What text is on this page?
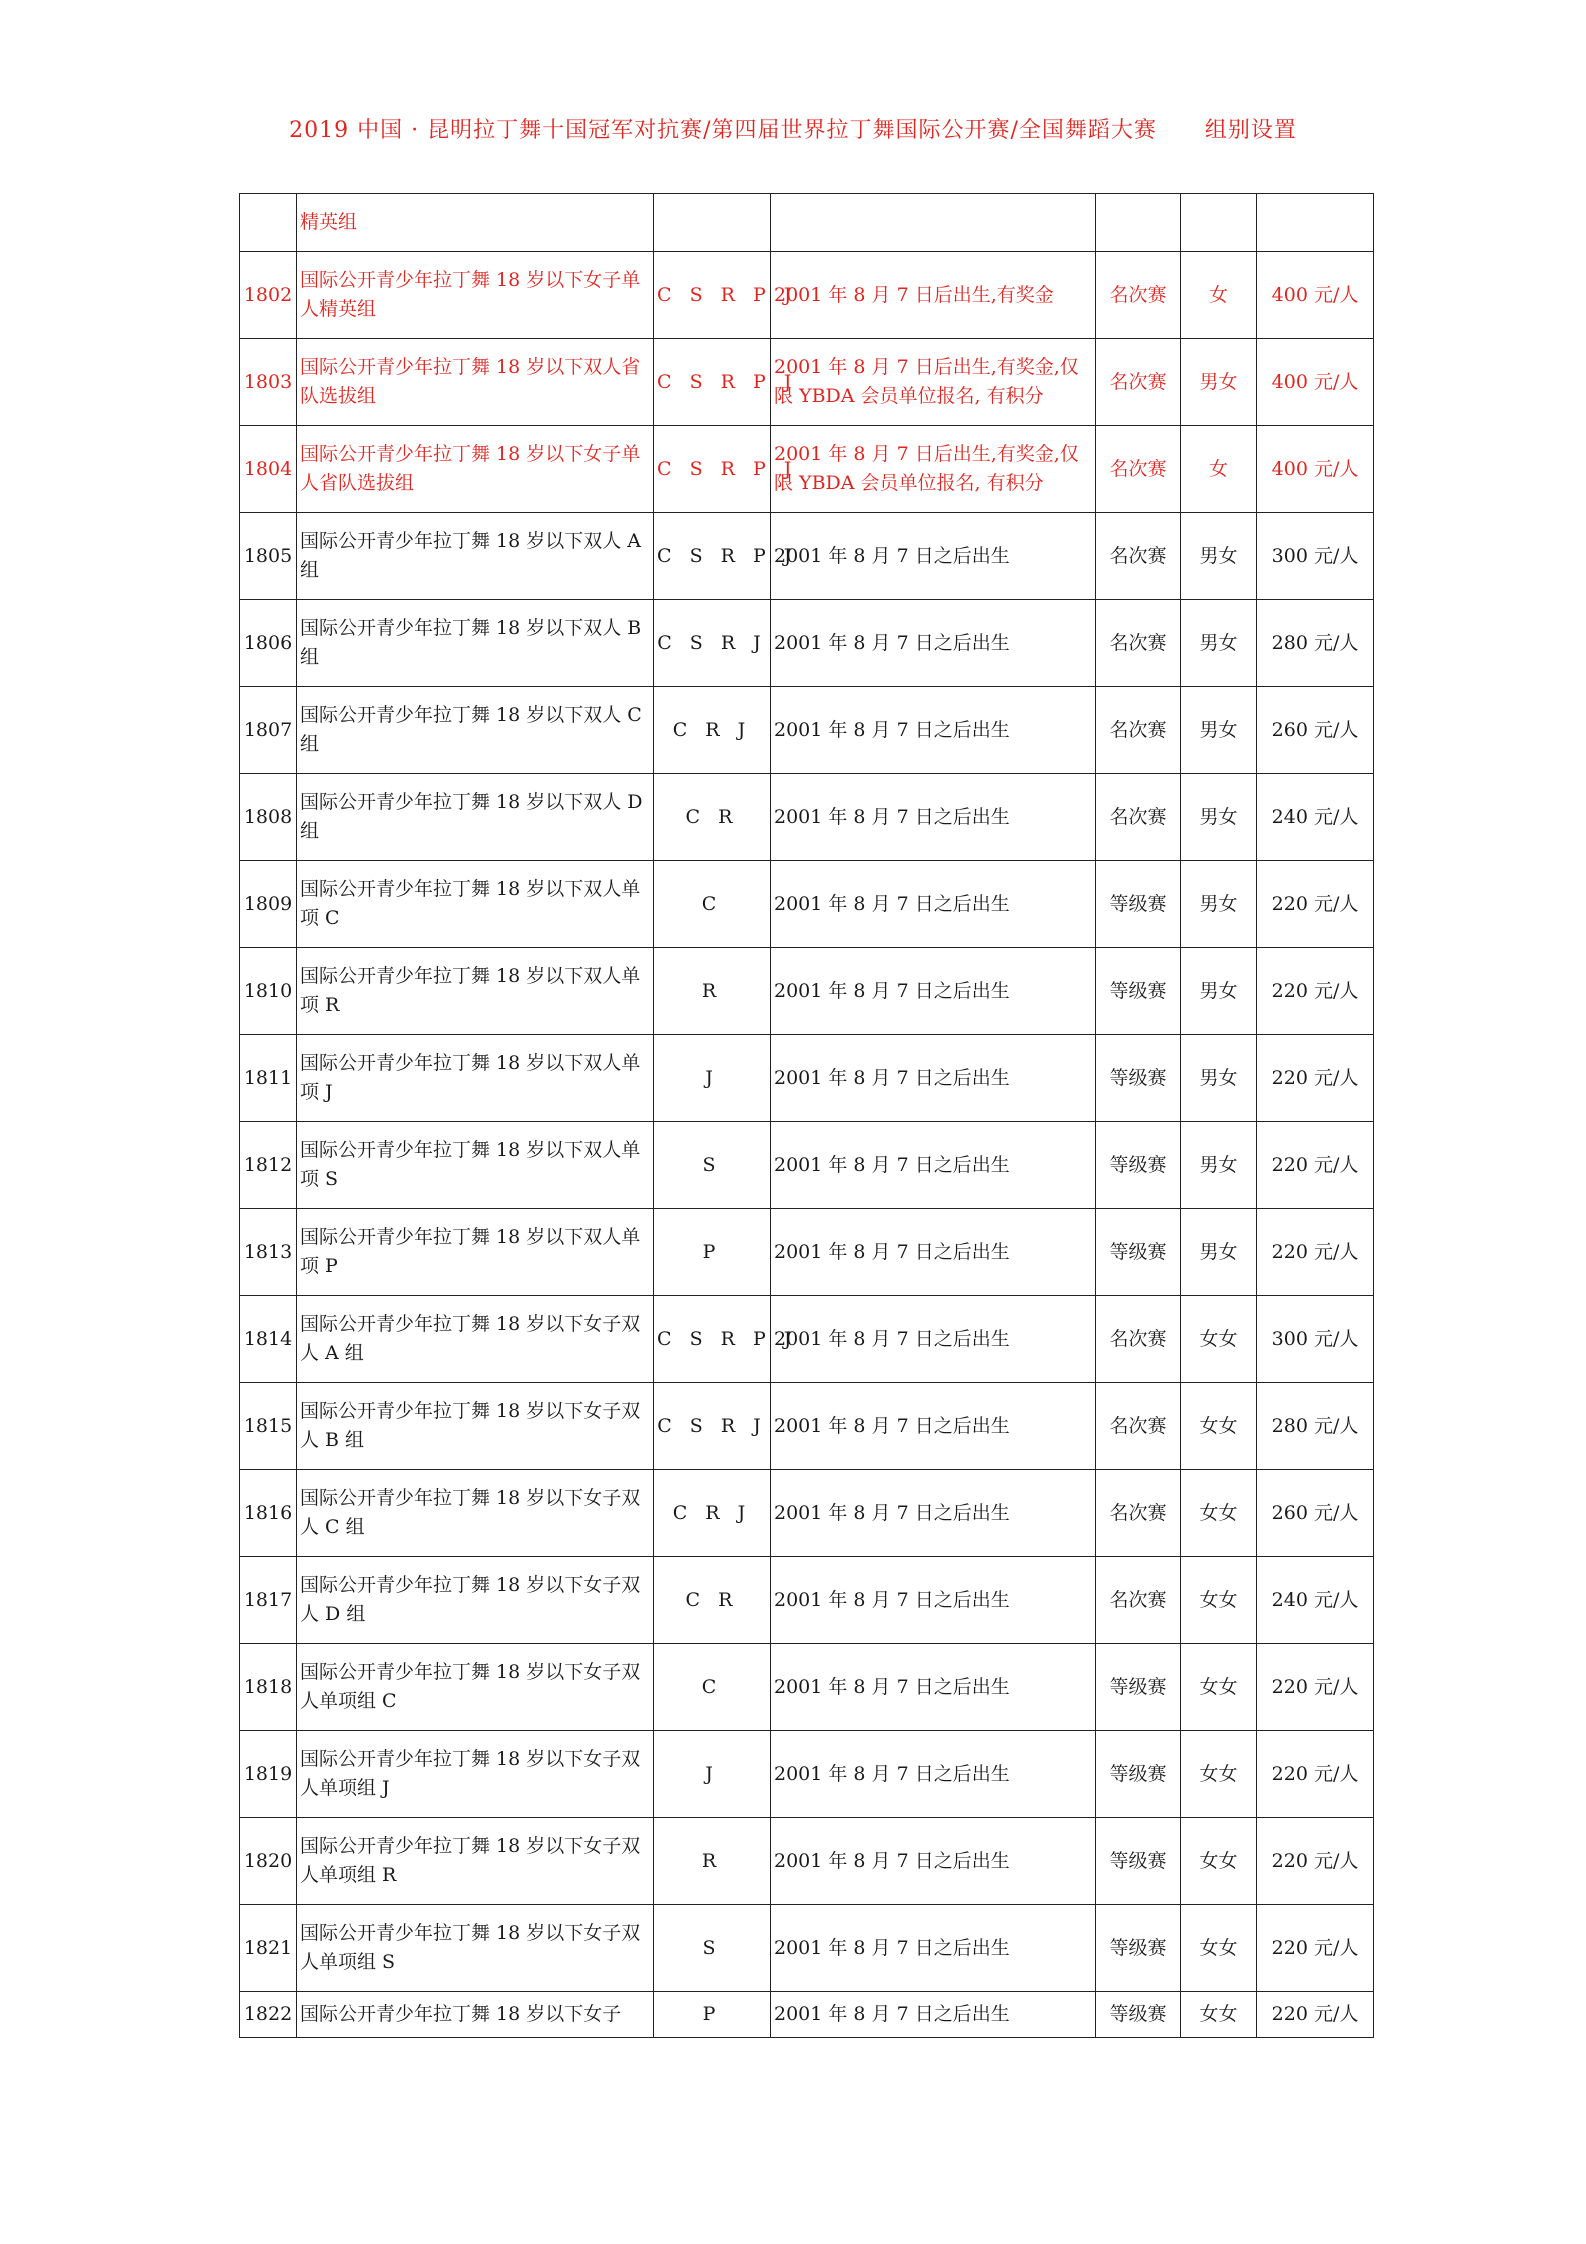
2019 中国 · 昆明拉丁舞十国冠军对抗赛/第四届世界拉丁舞国际公开赛/全国舞蹈大赛      组别设置
	精英组					
1802	国际公开青少年拉丁舞 18 岁以下女子单人精英组	C S R P J	2001 年 8 月 7 日后出生,有奖金	名次赛	女	400 元/人
1803	国际公开青少年拉丁舞 18 岁以下双人省队选拔组	C S R P J	2001 年 8 月 7 日后出生,有奖金,仅限 YBDA 会员单位报名, 有积分	名次赛	男女	400 元/人
1804	国际公开青少年拉丁舞 18 岁以下女子单人省队选拔组	C S R P J	2001 年 8 月 7 日后出生,有奖金,仅限 YBDA 会员单位报名, 有积分	名次赛	女	400 元/人
1805	国际公开青少年拉丁舞 18 岁以下双人 A 组	C S R P J	2001 年 8 月 7 日之后出生	名次赛	男女	300 元/人
1806	国际公开青少年拉丁舞 18 岁以下双人 B 组	C S R J	2001 年 8 月 7 日之后出生	名次赛	男女	280 元/人
1807	国际公开青少年拉丁舞 18 岁以下双人 C 组	C R J	2001 年 8 月 7 日之后出生	名次赛	男女	260 元/人
1808	国际公开青少年拉丁舞 18 岁以下双人 D 组	C R	2001 年 8 月 7 日之后出生	名次赛	男女	240 元/人
1809	国际公开青少年拉丁舞 18 岁以下双人单项 C	C	2001 年 8 月 7 日之后出生	等级赛	男女	220 元/人
1810	国际公开青少年拉丁舞 18 岁以下双人单项 R	R	2001 年 8 月 7 日之后出生	等级赛	男女	220 元/人
1811	国际公开青少年拉丁舞 18 岁以下双人单项 J	J	2001 年 8 月 7 日之后出生	等级赛	男女	220 元/人
1812	国际公开青少年拉丁舞 18 岁以下双人单项 S	S	2001 年 8 月 7 日之后出生	等级赛	男女	220 元/人
1813	国际公开青少年拉丁舞 18 岁以下双人单项 P	P	2001 年 8 月 7 日之后出生	等级赛	男女	220 元/人
1814	国际公开青少年拉丁舞 18 岁以下女子双人 A 组	C S R P J	2001 年 8 月 7 日之后出生	名次赛	女女	300 元/人
1815	国际公开青少年拉丁舞 18 岁以下女子双人 B 组	C S R J	2001 年 8 月 7 日之后出生	名次赛	女女	280 元/人
1816	国际公开青少年拉丁舞 18 岁以下女子双人 C 组	C R J	2001 年 8 月 7 日之后出生	名次赛	女女	260 元/人
1817	国际公开青少年拉丁舞 18 岁以下女子双人 D 组	C R	2001 年 8 月 7 日之后出生	名次赛	女女	240 元/人
1818	国际公开青少年拉丁舞 18 岁以下女子双人单项组 C	C	2001 年 8 月 7 日之后出生	等级赛	女女	220 元/人
1819	国际公开青少年拉丁舞 18 岁以下女子双人单项组 J	J	2001 年 8 月 7 日之后出生	等级赛	女女	220 元/人
1820	国际公开青少年拉丁舞 18 岁以下女子双人单项组 R	R	2001 年 8 月 7 日之后出生	等级赛	女女	220 元/人
1821	国际公开青少年拉丁舞 18 岁以下女子双人单项组 S	S	2001 年 8 月 7 日之后出生	等级赛	女女	220 元/人
1822	国际公开青少年拉丁舞 18 岁以下女子	P	2001 年 8 月 7 日之后出生	等级赛	女女	220 元/人
